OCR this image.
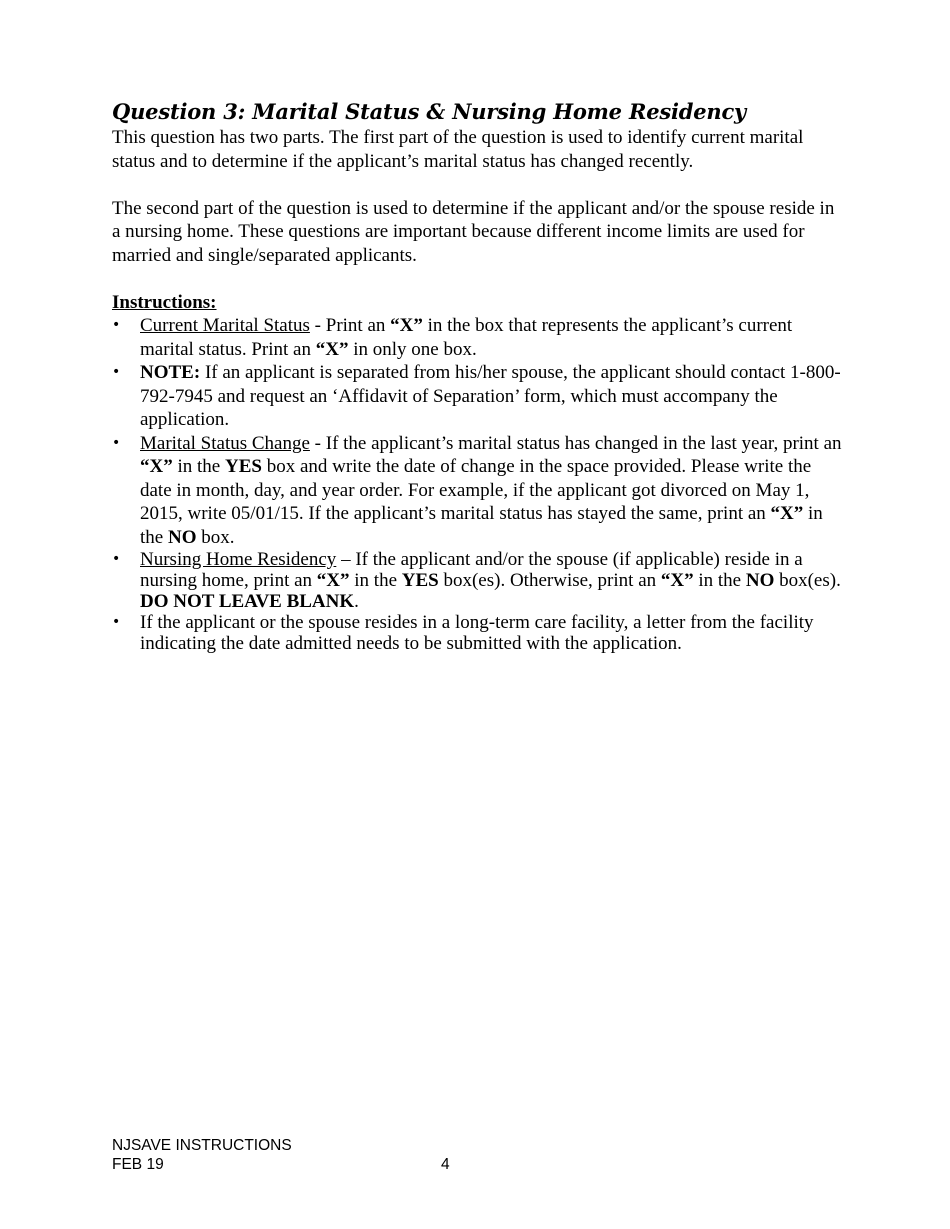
Question 3: Marital Status & Nursing Home Residency

This question has two parts. The first part of the question is used to identify current marital status and to determine if the applicant’s marital status has changed recently.

The second part of the question is used to determine if the applicant and/or the spouse reside in a nursing home. These questions are important because different income limits are used for married and single/separated applicants.

Instructions:
•	Current Marital Status - Print an “X” in the box that represents the applicant’s current marital status. Print an “X” in only one box.
•	NOTE: If an applicant is separated from his/her spouse, the applicant should contact 1-800-792-7945 and request an ‘Affidavit of Separation’ form, which must accompany the application.
•	Marital Status Change - If the applicant’s marital status has changed in the last year, print an “X” in the YES box and write the date of change in the space provided. Please write the date in month, day, and year order. For example, if the applicant got divorced on May 1, 2015, write 05/01/15. If the applicant’s marital status has stayed the same, print an “X” in the NO box.
•	Nursing Home Residency – If the applicant and/or the spouse (if applicable) reside in a nursing home, print an “X” in the YES box(es). Otherwise, print an “X” in the NO box(es). DO NOT LEAVE BLANK.
•	If the applicant or the spouse resides in a long-term care facility, a letter from the facility indicating the date admitted needs to be submitted with the application.
NJSAVE INSTRUCTIONS
FEB 19	4
